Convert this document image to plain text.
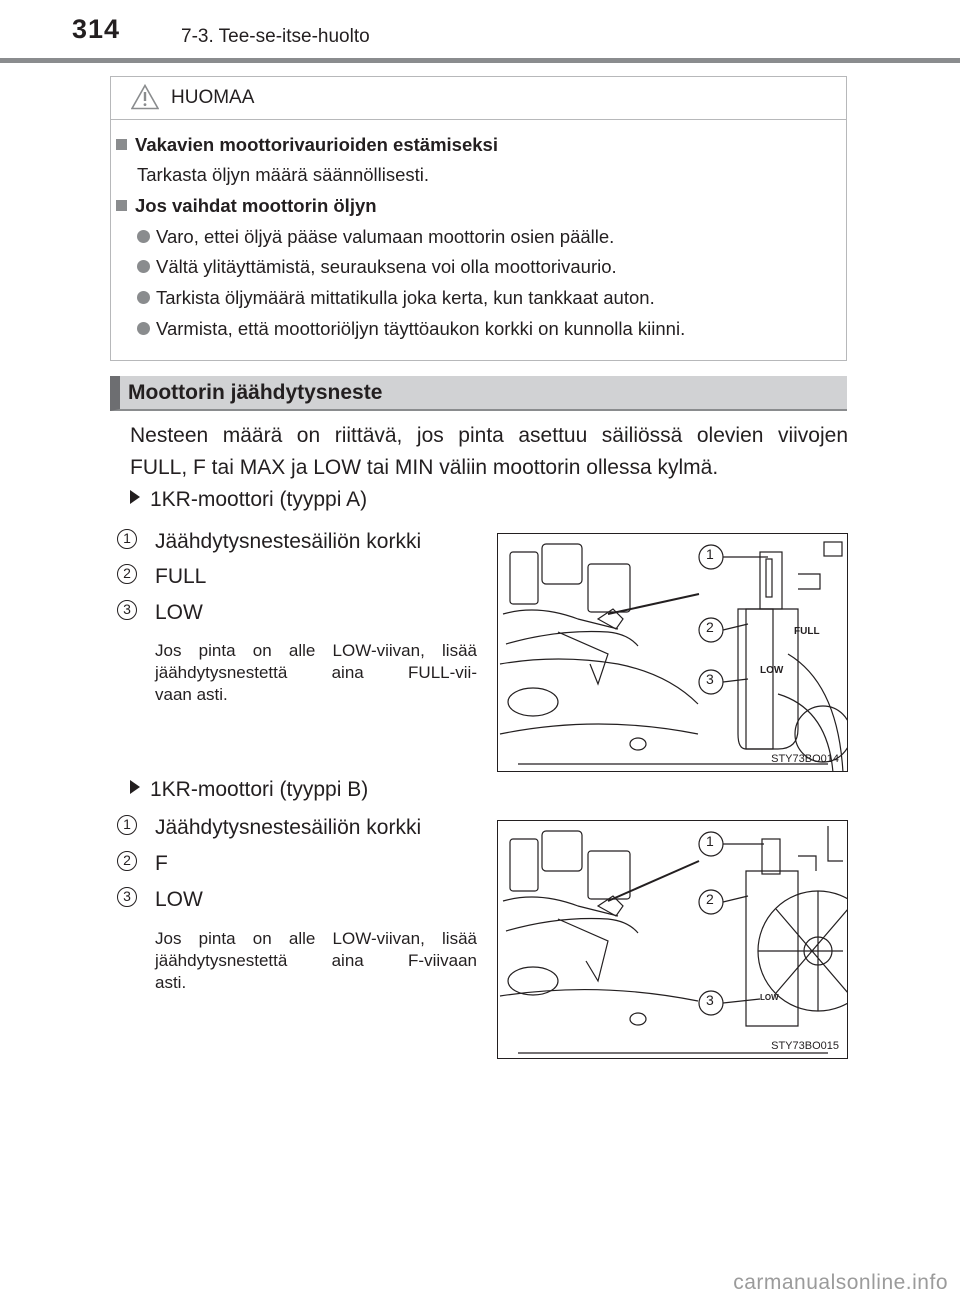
314	7-3. Tee-se-itse-huolto
HUOMAA
Vakavien moottorivaurioiden estämiseksi
Tarkasta öljyn määrä säännöllisesti.
Jos vaihdat moottorin öljyn
Varo, ettei öljyä pääse valumaan moottorin osien päälle.
Vältä ylitäyttämistä, seurauksena voi olla moottorivaurio.
Tarkista öljymäärä mittatikulla joka kerta, kun tankkaat auton.
Varmista, että moottoriöljyn täyttöaukon korkki on kunnolla kiinni.
Moottorin jäähdytysneste
Nesteen määrä on riittävä, jos pinta asettuu säiliössä olevien viivojen
FULL, F tai MAX ja LOW tai MIN väliin moottorin ollessa kylmä.
1KR-moottori (tyyppi A)
1 Jäähdytysnestesäiliön korkki
2 FULL
3 LOW
Jos pinta on alle LOW-viivan, lisää
jäähdytysnestettä aina FULL-vii-
vaan asti.
1
2
3
FULL
LOW
STY73BO014
1KR-moottori (tyyppi B)
1 Jäähdytysnestesäiliön korkki
2 F
3 LOW
Jos pinta on alle LOW-viivan, lisää
jäähdytysnestettä aina F-viivaan
asti.
1
2
3	LOW
STY73BO015
carmanualsonline.info
